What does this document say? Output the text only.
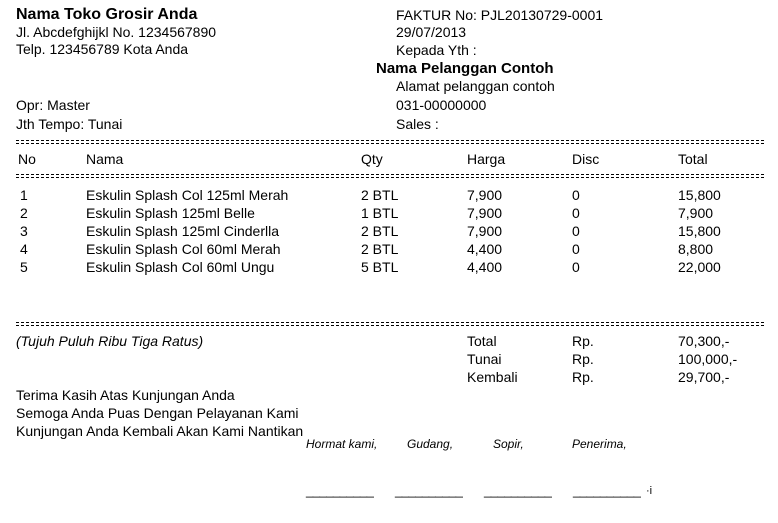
Nama Toko Grosir Anda
Jl. Abcdefghijkl No. 1234567890
Telp. 123456789 Kota Anda
Opr: Master
Jth Tempo: Tunai
FAKTUR No: PJL20130729-0001
29/07/2013
Kepada Yth :
Nama Pelanggan Contoh
Alamat pelanggan contoh
031-00000000
Sales :
No	Nama	Qty	Harga	Disc	Total
1	Eskulin Splash Col 125ml Merah	2 BTL	7,900	0	15,800
2	Eskulin Splash 125ml Belle	1 BTL	7,900	0	7,900
3	Eskulin Splash 125ml Cinderlla	2 BTL	7,900	0	15,800
4	Eskulin Splash Col 60ml Merah	2 BTL	4,400	0	8,800
5	Eskulin Splash Col 60ml Ungu	5 BTL	4,400	0	22,000
(Tujuh Puluh Ribu Tiga Ratus)	Total	Rp.	70,300,-
Tunai	Rp.	100,000,-
Kembali	Rp.	29,700,-
Terima Kasih Atas Kunjungan Anda
Semoga Anda Puas Dengan Pelayanan Kami
Kunjungan Anda Kembali Akan Kami Nantikan
Hormat kami, Gudang,	Sopir,	Penerima,
__________ __________ __________ __________ ·i
